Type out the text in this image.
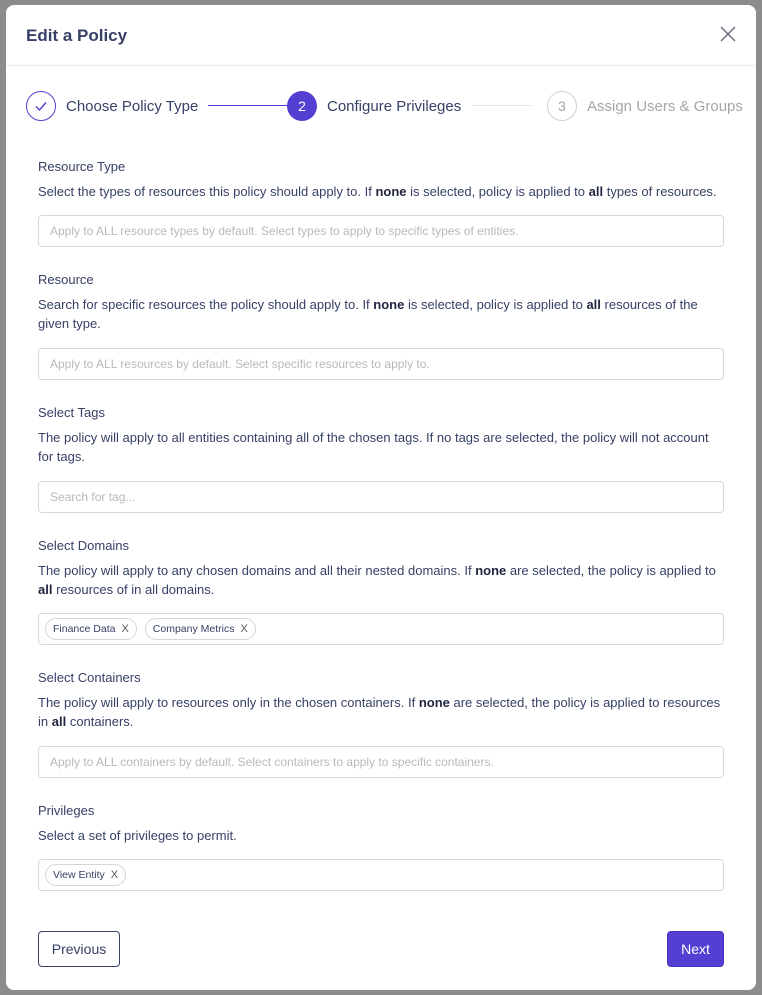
Edit a Policy
Choose Policy Type	2	Configure Privileges	3	Assign Users & Groups
Resource Type
Select the types of resources this policy should apply to. If none is selected, policy is applied to all types of resources.
Apply to ALL resource types by default. Select types to apply to specific types of entities.
Resource
Search for specific resources the policy should apply to. If none is selected, policy is applied to all resources of the given type.
Apply to ALL resources by default. Select specific resources to apply to.
Select Tags
The policy will apply to all entities containing all of the chosen tags. If no tags are selected, the policy will not account for tags.
Search for tag...
Select Domains
The policy will apply to any chosen domains and all their nested domains. If none are selected, the policy is applied to all resources of in all domains.
Finance Data X Company Metrics X
Select Containers
The policy will apply to resources only in the chosen containers. If none are selected, the policy is applied to resources in all containers.
Apply to ALL containers by default. Select containers to apply to specific containers.
Privileges
Select a set of privileges to permit.
View Entity X
Previous	Next
